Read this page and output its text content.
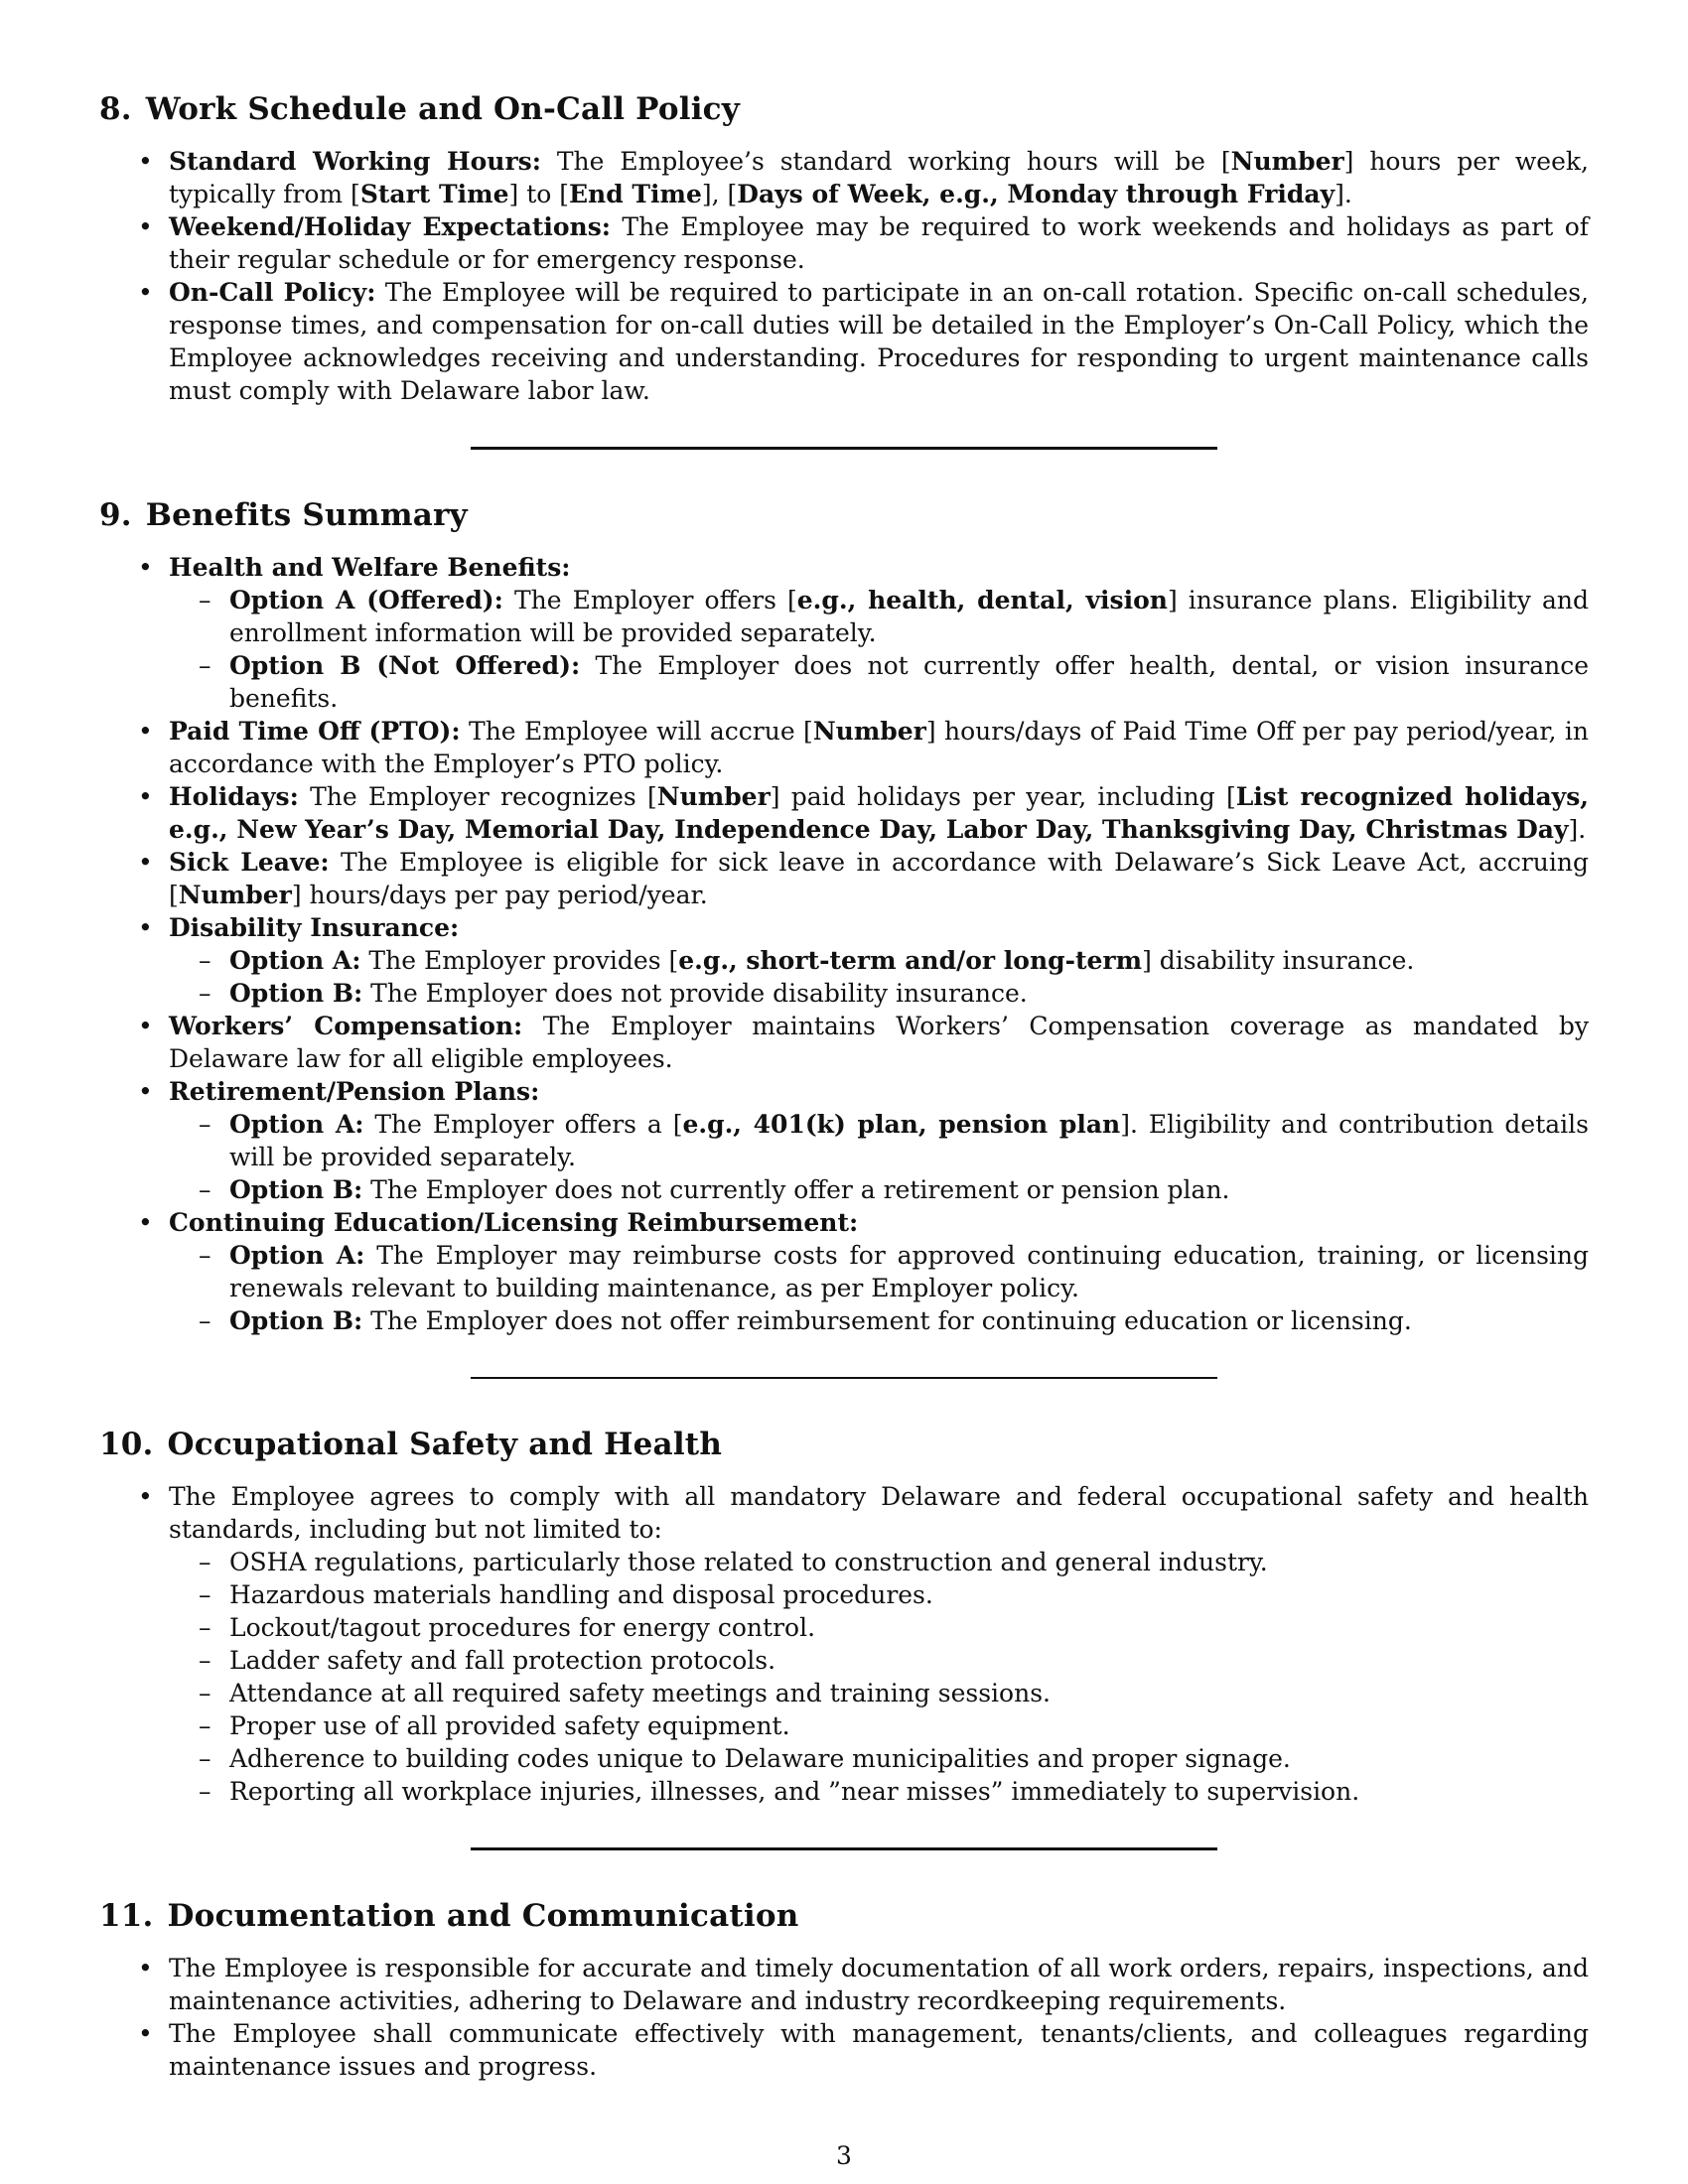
8. Work Schedule and On-Call Policy
• Standard Working Hours: The Employee’s standard working hours will be [Number] hours per week, typically from [Start Time] to [End Time], [Days of Week, e.g., Monday through Friday].
• Weekend/Holiday Expectations: The Employee may be required to work weekends and holidays as part of their regular schedule or for emergency response.
• On-Call Policy: The Employee will be required to participate in an on-call rotation. Specific on-call schedules, response times, and compensation for on-call duties will be detailed in the Employer’s On-Call Policy, which the Employee acknowledges receiving and understanding. Procedures for responding to urgent maintenance calls must comply with Delaware labor law.
9. Benefits Summary
• Health and Welfare Benefits:
– Option A (Offered): The Employer offers [e.g., health, dental, vision] insurance plans. Eligibility and enrollment information will be provided separately.
– Option B (Not Offered): The Employer does not currently offer health, dental, or vision insurance benefits.
• Paid Time Off (PTO): The Employee will accrue [Number] hours/days of Paid Time Off per pay period/year, in accordance with the Employer’s PTO policy.
• Holidays: The Employer recognizes [Number] paid holidays per year, including [List recognized holidays, e.g., New Year’s Day, Memorial Day, Independence Day, Labor Day, Thanksgiving Day, Christmas Day].
• Sick Leave: The Employee is eligible for sick leave in accordance with Delaware’s Sick Leave Act, accruing [Number] hours/days per pay period/year.
• Disability Insurance:
– Option A: The Employer provides [e.g., short-term and/or long-term] disability insurance.
– Option B: The Employer does not provide disability insurance.
• Workers’ Compensation: The Employer maintains Workers’ Compensation coverage as mandated by Delaware law for all eligible employees.
• Retirement/Pension Plans:
– Option A: The Employer offers a [e.g., 401(k) plan, pension plan]. Eligibility and contribution details will be provided separately.
– Option B: The Employer does not currently offer a retirement or pension plan.
• Continuing Education/Licensing Reimbursement:
– Option A: The Employer may reimburse costs for approved continuing education, training, or licensing renewals relevant to building maintenance, as per Employer policy.
– Option B: The Employer does not offer reimbursement for continuing education or licensing.
10. Occupational Safety and Health
• The Employee agrees to comply with all mandatory Delaware and federal occupational safety and health standards, including but not limited to:
– OSHA regulations, particularly those related to construction and general industry.
– Hazardous materials handling and disposal procedures.
– Lockout/tagout procedures for energy control.
– Ladder safety and fall protection protocols.
– Attendance at all required safety meetings and training sessions.
– Proper use of all provided safety equipment.
– Adherence to building codes unique to Delaware municipalities and proper signage.
– Reporting all workplace injuries, illnesses, and ”near misses” immediately to supervision.
11. Documentation and Communication
• The Employee is responsible for accurate and timely documentation of all work orders, repairs, inspections, and maintenance activities, adhering to Delaware and industry recordkeeping requirements.
• The Employee shall communicate effectively with management, tenants/clients, and colleagues regarding maintenance issues and progress.
3
